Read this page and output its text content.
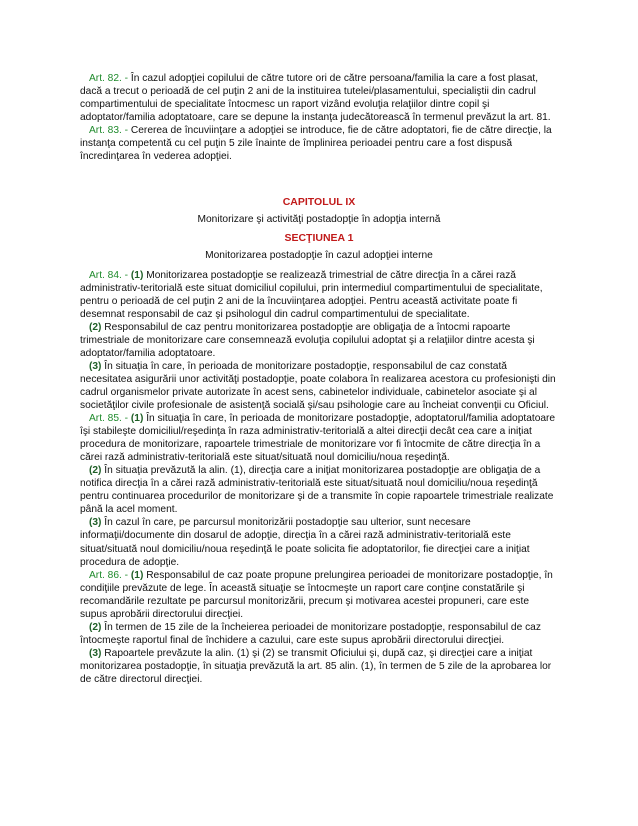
Art. 82. - În cazul adopţiei copilului de către tutore ori de către persoana/familia la care a fost plasat, dacă a trecut o perioadă de cel puţin 2 ani de la instituirea tutelei/plasamentului, specialiştii din cadrul compartimentului de specialitate întocmesc un raport vizând evoluţia relaţiilor dintre copil şi adoptator/familia adoptatoare, care se depune la instanţa judecătorească în termenul prevăzut la art. 81.

Art. 83. - Cererea de încuviinţare a adopţiei se introduce, fie de către adoptatori, fie de către direcţie, la instanţa competentă cu cel puţin 5 zile înainte de împlinirea perioadei pentru care a fost dispusă încredinţarea în vederea adopţiei.

CAPITOLUL IX

Monitorizare şi activităţi postadopţie în adopţia internă

SECŢIUNEA 1

Monitorizarea postadopţie în cazul adopţiei interne

Art. 84. - (1) Monitorizarea postadopţie se realizează trimestrial de către direcţia în a cărei rază administrativ-teritorială este situat domiciliul copilului, prin intermediul compartimentului de specialitate, pentru o perioadă de cel puţin 2 ani de la încuviinţarea adopţiei. Pentru această activitate poate fi desemnat responsabil de caz şi psihologul din cadrul compartimentului de specialitate.

(2) Responsabilul de caz pentru monitorizarea postadopţie are obligaţia de a întocmi rapoarte trimestriale de monitorizare care consemnează evoluţia copilului adoptat şi a relaţiilor dintre acesta şi adoptator/familia adoptatoare.

(3) În situaţia în care, în perioada de monitorizare postadopţie, responsabilul de caz constată necesitatea asigurării unor activităţi postadopţie, poate colabora în realizarea acestora cu profesionişti din cadrul organismelor private autorizate în acest sens, cabinetelor individuale, cabinetelor asociate şi al societăţilor civile profesionale de asistenţă socială şi/sau psihologie care au încheiat convenţii cu Oficiul.

Art. 85. - (1) În situaţia în care, în perioada de monitorizare postadopţie, adoptatorul/familia adoptatoare îşi stabileşte domiciliul/reşedinţa în raza administrativ-teritorială a altei direcţii decât cea care a iniţiat procedura de monitorizare, rapoartele trimestriale de monitorizare vor fi întocmite de către direcţia în a cărei rază administrativ-teritorială este situat/situată noul domiciliu/noua reşedinţă.

(2) În situaţia prevăzută la alin. (1), direcţia care a iniţiat monitorizarea postadopţie are obligaţia de a notifica direcţia în a cărei rază administrativ-teritorială este situat/situată noul domiciliu/noua reşedinţă pentru continuarea procedurilor de monitorizare şi de a transmite în copie rapoartele trimestriale realizate până la acel moment.

(3) În cazul în care, pe parcursul monitorizării postadopţie sau ulterior, sunt necesare informaţii/documente din dosarul de adopţie, direcţia în a cărei rază administrativ-teritorială este situat/situată noul domiciliu/noua reşedinţă le poate solicita fie adoptatorilor, fie direcţiei care a iniţiat procedura de adopţie.

Art. 86. - (1) Responsabilul de caz poate propune prelungirea perioadei de monitorizare postadopţie, în condiţiile prevăzute de lege. În această situaţie se întocmeşte un raport care conţine constatările şi recomandările rezultate pe parcursul monitorizării, precum şi motivarea acestei propuneri, care este supus aprobării directorului direcţiei.

(2) În termen de 15 zile de la încheierea perioadei de monitorizare postadopţie, responsabilul de caz întocmeşte raportul final de închidere a cazului, care este supus aprobării directorului direcţiei.

(3) Rapoartele prevăzute la alin. (1) şi (2) se transmit Oficiului şi, după caz, şi direcţiei care a iniţiat monitorizarea postadopţie, în situaţia prevăzută la art. 85 alin. (1), în termen de 5 zile de la aprobarea lor de către directorul direcţiei.
